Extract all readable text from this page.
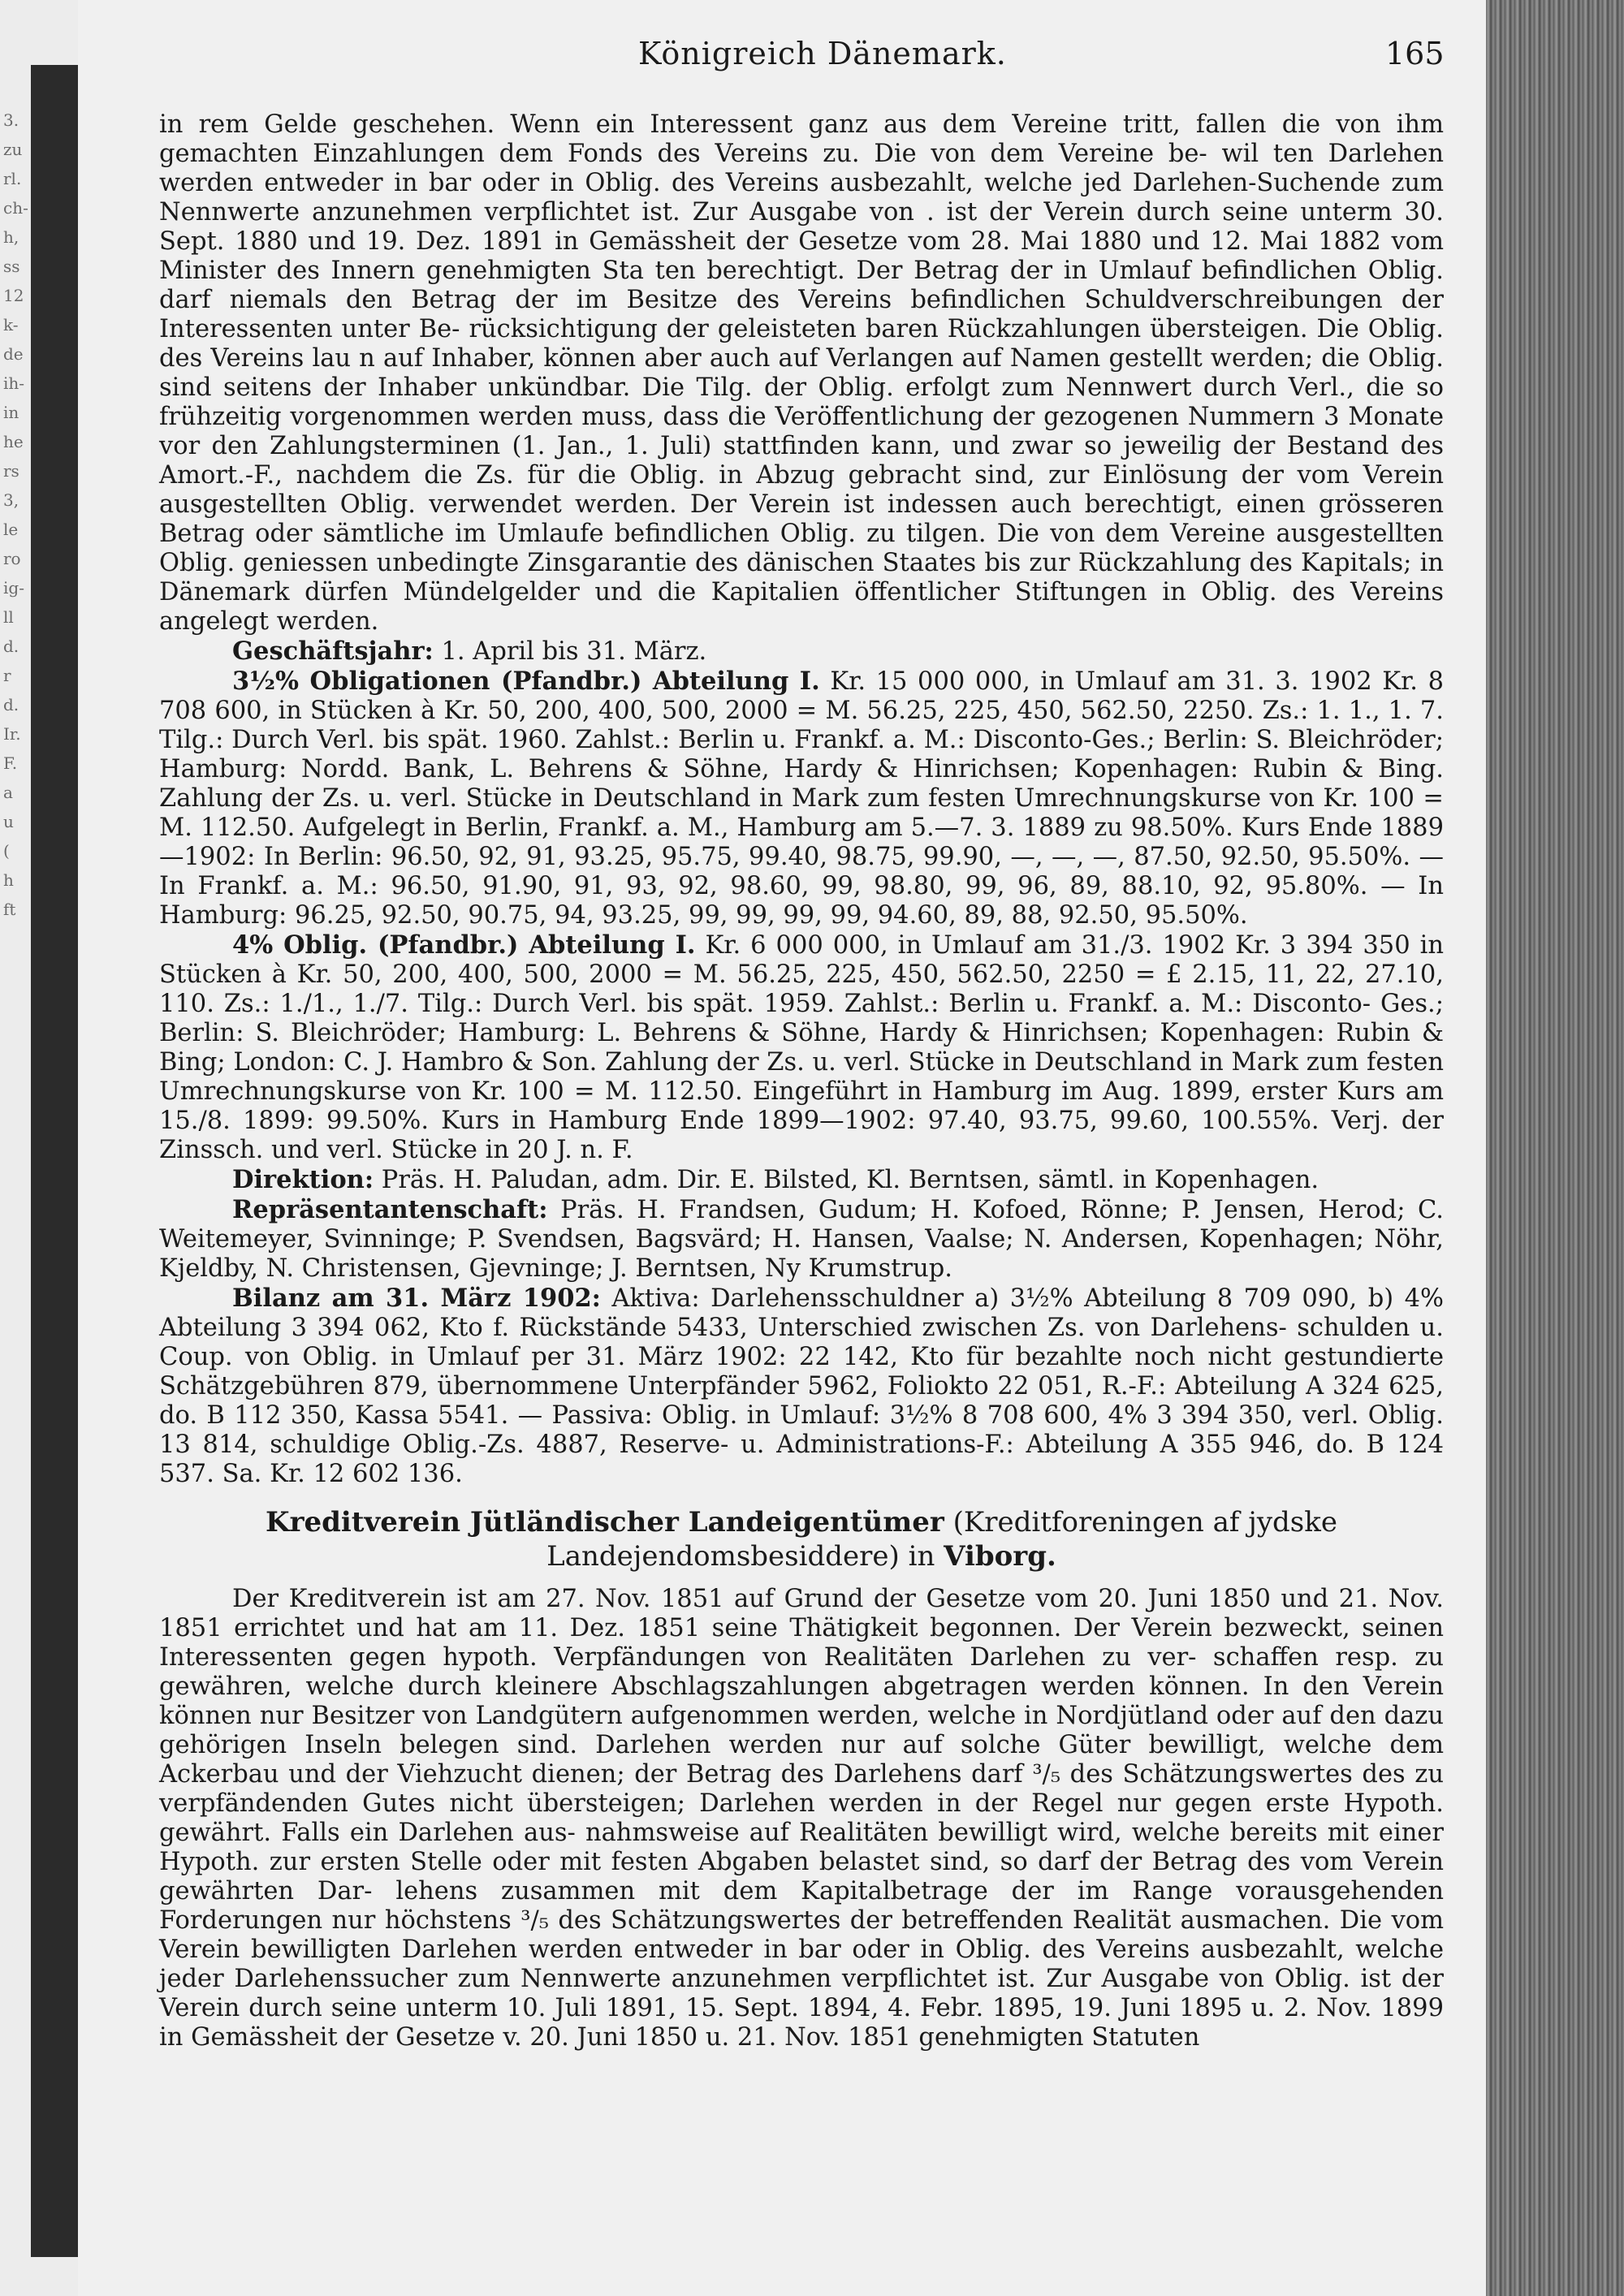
3.
zu
rl.
ch-
h,
ss
12
k-
de
ih-
in
he
rs
3,
le
ro
ig-
ll
d.
r
d.
Ir.
F.
a
u
(
h
ft
Königreich Dänemark.	165

in rem Gelde geschehen. Wenn ein Interessent ganz aus dem Vereine tritt, fallen die von ihm gemachten Einzahlungen dem Fonds des Vereins zu. Die von dem Vereine be- wil ten Darlehen werden entweder in bar oder in Oblig. des Vereins ausbezahlt, welche jed Darlehen-Suchende zum Nennwerte anzunehmen verpflichtet ist. Zur Ausgabe von . ist der Verein durch seine unterm 30. Sept. 1880 und 19. Dez. 1891 in Gemässheit der Gesetze vom 28. Mai 1880 und 12. Mai 1882 vom Minister des Innern genehmigten Sta ten berechtigt. Der Betrag der in Umlauf befindlichen Oblig. darf niemals den Betrag der im Besitze des Vereins befindlichen Schuldverschreibungen der Interessenten unter Be- rücksichtigung der geleisteten baren Rückzahlungen übersteigen. Die Oblig. des Vereins lau n auf Inhaber, können aber auch auf Verlangen auf Namen gestellt werden; die Oblig. sind seitens der Inhaber unkündbar. Die Tilg. der Oblig. erfolgt zum Nennwert durch Verl., die so frühzeitig vorgenommen werden muss, dass die Veröffentlichung der gezogenen Nummern 3 Monate vor den Zahlungsterminen (1. Jan., 1. Juli) stattfinden kann, und zwar so jeweilig der Bestand des Amort.-F., nachdem die Zs. für die Oblig. in Abzug gebracht sind, zur Einlösung der vom Verein ausgestellten Oblig. verwendet werden. Der Verein ist indessen auch berechtigt, einen grösseren Betrag oder sämtliche im Umlaufe befindlichen Oblig. zu tilgen. Die von dem Vereine ausgestellten Oblig. geniessen unbedingte Zinsgarantie des dänischen Staates bis zur Rückzahlung des Kapitals; in Dänemark dürfen Mündelgelder und die Kapitalien öffentlicher Stiftungen in Oblig. des Vereins angelegt werden.

Geschäftsjahr: 1. April bis 31. März.

3½% Obligationen (Pfandbr.) Abteilung I. Kr. 15 000 000, in Umlauf am 31. 3. 1902 Kr. 8 708 600, in Stücken à Kr. 50, 200, 400, 500, 2000 = M. 56.25, 225, 450, 562.50, 2250. Zs.: 1. 1., 1. 7. Tilg.: Durch Verl. bis spät. 1960. Zahlst.: Berlin u. Frankf. a. M.: Disconto-Ges.; Berlin: S. Bleichröder; Hamburg: Nordd. Bank, L. Behrens & Söhne, Hardy & Hinrichsen; Kopenhagen: Rubin & Bing. Zahlung der Zs. u. verl. Stücke in Deutschland in Mark zum festen Umrechnungskurse von Kr. 100 = M. 112.50. Aufgelegt in Berlin, Frankf. a. M., Hamburg am 5.—7. 3. 1889 zu 98.50%. Kurs Ende 1889—1902: In Berlin: 96.50, 92, 91, 93.25, 95.75, 99.40, 98.75, 99.90, —, —, —, 87.50, 92.50, 95.50%. — In Frankf. a. M.: 96.50, 91.90, 91, 93, 92, 98.60, 99, 98.80, 99, 96, 89, 88.10, 92, 95.80%. — In Hamburg: 96.25, 92.50, 90.75, 94, 93.25, 99, 99, 99, 99, 94.60, 89, 88, 92.50, 95.50%.

4% Oblig. (Pfandbr.) Abteilung I. Kr. 6 000 000, in Umlauf am 31./3. 1902 Kr. 3 394 350 in Stücken à Kr. 50, 200, 400, 500, 2000 = M. 56.25, 225, 450, 562.50, 2250 = £ 2.15, 11, 22, 27.10, 110. Zs.: 1./1., 1./7. Tilg.: Durch Verl. bis spät. 1959. Zahlst.: Berlin u. Frankf. a. M.: Disconto- Ges.; Berlin: S. Bleichröder; Hamburg: L. Behrens & Söhne, Hardy & Hinrichsen; Kopenhagen: Rubin & Bing; London: C. J. Hambro & Son. Zahlung der Zs. u. verl. Stücke in Deutschland in Mark zum festen Umrechnungskurse von Kr. 100 = M. 112.50. Eingeführt in Hamburg im Aug. 1899, erster Kurs am 15./8. 1899: 99.50%. Kurs in Hamburg Ende 1899—1902: 97.40, 93.75, 99.60, 100.55%. Verj. der Zinssch. und verl. Stücke in 20 J. n. F.

Direktion: Präs. H. Paludan, adm. Dir. E. Bilsted, Kl. Berntsen, sämtl. in Kopenhagen.

Repräsentantenschaft: Präs. H. Frandsen, Gudum; H. Kofoed, Rönne; P. Jensen, Herod; C. Weitemeyer, Svinninge; P. Svendsen, Bagsvärd; H. Hansen, Vaalse; N. Andersen, Kopenhagen; Nöhr, Kjeldby, N. Christensen, Gjevninge; J. Berntsen, Ny Krumstrup.

Bilanz am 31. März 1902: Aktiva: Darlehensschuldner a) 3½% Abteilung 8 709 090, b) 4% Abteilung 3 394 062, Kto f. Rückstände 5433, Unterschied zwischen Zs. von Darlehens- schulden u. Coup. von Oblig. in Umlauf per 31. März 1902: 22 142, Kto für bezahlte noch nicht gestundierte Schätzgebühren 879, übernommene Unterpfänder 5962, Foliokto 22 051, R.-F.: Abteilung A 324 625, do. B 112 350, Kassa 5541. — Passiva: Oblig. in Umlauf: 3½% 8 708 600, 4% 3 394 350, verl. Oblig. 13 814, schuldige Oblig.-Zs. 4887, Reserve- u. Administrations-F.: Abteilung A 355 946, do. B 124 537. Sa. Kr. 12 602 136.

Kreditverein Jütländischer Landeigentümer (Kreditforeningen af jydske Landejendomsbesiddere) in Viborg.

Der Kreditverein ist am 27. Nov. 1851 auf Grund der Gesetze vom 20. Juni 1850 und 21. Nov. 1851 errichtet und hat am 11. Dez. 1851 seine Thätigkeit begonnen. Der Verein bezweckt, seinen Interessenten gegen hypoth. Verpfändungen von Realitäten Darlehen zu ver- schaffen resp. zu gewähren, welche durch kleinere Abschlagszahlungen abgetragen werden können. In den Verein können nur Besitzer von Landgütern aufgenommen werden, welche in Nordjütland oder auf den dazu gehörigen Inseln belegen sind. Darlehen werden nur auf solche Güter bewilligt, welche dem Ackerbau und der Viehzucht dienen; der Betrag des Darlehens darf ³/₅ des Schätzungswertes des zu verpfändenden Gutes nicht übersteigen; Darlehen werden in der Regel nur gegen erste Hypoth. gewährt. Falls ein Darlehen aus- nahmsweise auf Realitäten bewilligt wird, welche bereits mit einer Hypoth. zur ersten Stelle oder mit festen Abgaben belastet sind, so darf der Betrag des vom Verein gewährten Dar- lehens zusammen mit dem Kapitalbetrage der im Range vorausgehenden Forderungen nur höchstens ³/₅ des Schätzungswertes der betreffenden Realität ausmachen. Die vom Verein bewilligten Darlehen werden entweder in bar oder in Oblig. des Vereins ausbezahlt, welche jeder Darlehenssucher zum Nennwerte anzunehmen verpflichtet ist. Zur Ausgabe von Oblig. ist der Verein durch seine unterm 10. Juli 1891, 15. Sept. 1894, 4. Febr. 1895, 19. Juni 1895 u. 2. Nov. 1899 in Gemässheit der Gesetze v. 20. Juni 1850 u. 21. Nov. 1851 genehmigten Statuten
